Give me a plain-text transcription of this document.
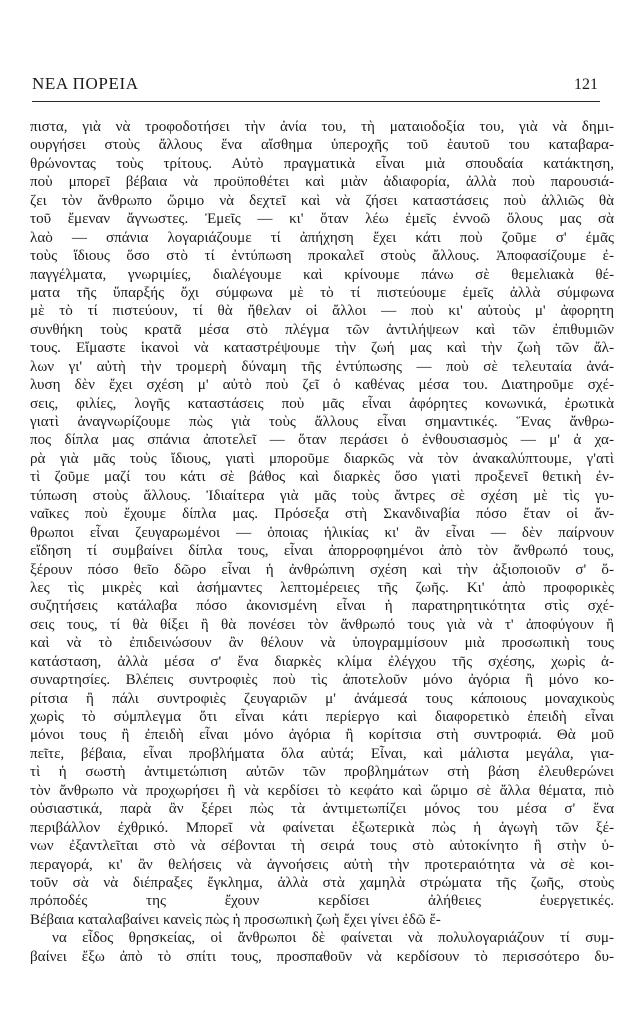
ΝΕΑ ΠΟΡΕΙΑ	121
πιστα, γιὰ νὰ τροφοδοτήσει τὴν ἀνία του, τὴ ματαιοδοξία του, γιὰ νὰ δημι-
ουργήσει στοὺς ἄλλους ἕνα αἴσθημα ὑπεροχῆς τοῦ ἑαυτοῦ του καταβαρα-
θρώνοντας τοὺς τρίτους. Αὐτὸ πραγματικὰ εἶναι μιὰ σπουδαία κατάκτηση,
ποὺ μπορεῖ βέβαια νὰ προϋποθέτει καὶ μιὰν ἀδιαφορία, ἀλλὰ ποὺ παρουσιά-
ζει τὸν ἄνθρωπο ὥριμο νὰ δεχτεῖ καὶ νὰ ζήσει καταστάσεις ποὺ ἀλλιῶς θὰ
τοῦ ἔμεναν ἄγνωστες. Ἐμεῖς — κι' ὅταν λέω ἐμεῖς ἐννοῶ ὅλους μας σὰ
λαὸ — σπάνια λογαριάζουμε τί ἀπήχηση ἔχει κάτι ποὺ ζοῦμε σ' ἐμᾶς
τοὺς ἴδιους ὅσο στὸ τί ἐντύπωση προκαλεῖ στοὺς ἄλλους. Ἀποφασίζουμε ἐ-
παγγέλματα, γνωριμίες, διαλέγουμε καὶ κρίνουμε πάνω σὲ θεμελιακὰ θέ-
ματα τῆς ὕπαρξής ὄχι σύμφωνα μὲ τὸ τί πιστεύουμε ἐμεῖς ἀλλὰ σύμφωνα
μὲ τὸ τί πιστεύουν, τί θὰ ἤθελαν οἱ ἄλλοι — ποὺ κι' αὐτοὺς μ' ἀφορητη
συνθήκη τοὺς κρατᾶ μέσα στὸ πλέγμα τῶν ἀντιλήψεων καὶ τῶν ἐπιθυμιῶν
τους. Εἴμαστε ἱκανοὶ νὰ καταστρέψουμε τὴν ζωή μας καὶ τὴν ζωὴ τῶν ἄλ-
λων γι' αὐτὴ τὴν τρομερὴ δύναμη τῆς ἐντύπωσης — ποὺ σὲ τελευταία ἀνά-
λυση δὲν ἔχει σχέση μ' αὐτὸ ποὺ ζεῖ ὁ καθένας μέσα του. Διατηροῦμε σχέ-
σεις, φιλίες, λογῆς καταστάσεις ποὺ μᾶς εἶναι ἀφόρητες κονωνικά, ἐρωτικὰ
γιατὶ ἀναγνωρίζουμε πὼς γιὰ τοὺς ἄλλους εἶναι σημαντικές. Ἕνας ἄνθρω-
πος δίπλα μας σπάνια ἀποτελεῖ — ὅταν περάσει ὁ ἐνθουσιασμὸς — μ' ἀ χα-
ρὰ γιὰ μᾶς τοὺς ἴδιους, γιατὶ μποροῦμε διαρκῶς νὰ τὸν ἀνακαλύπτουμε, γ'ατὶ
τὶ ζοῦμε μαζί του κάτι σὲ βάθος καὶ διαρκὲς ὅσο γιατὶ προξενεῖ θετικὴ ἐν-
τύπωση στοὺς ἄλλους. Ἰδιαίτερα γιὰ μᾶς τοὺς ἄντρες σὲ σχέση μὲ τὶς γυ-
ναῖκες ποὺ ἔχουμε δίπλα μας. Πρόσεξα στὴ Σκανδιναβία πόσο ἔταν οἱ ἄν-
θρωποι εἶναι ζευγαρωμένοι — ὁποιας ἡλικίας κι' ἂν εἶναι — δὲν παίρνουν
εἴδηση τί συμβαίνει δίπλα τους, εἶναι ἀπορροφημένοι ἀπὸ τὸν ἄνθρωπό τους,
ξέρουν πόσο θεῖο δῶρο εἶναι ἡ ἀνθρώπινη σχέση καὶ τὴν ἀξιοποιοῦν σ' ὅ-
λες τὶς μικρὲς καὶ ἀσήμαντες λεπτομέρειες τῆς ζωῆς. Κι' ἀπὸ προφορικὲς
συζητήσεις κατάλαβα πόσο ἀκονισμένη εἶναι ἡ παρατηρητικότητα στὶς σχέ-
σεις τους, τί θὰ θίξει ἢ θὰ πονέσει τὸν ἄνθρωπό τους γιὰ νὰ τ' ἀποφύγουν ἢ
καὶ νὰ τὸ ἐπιδεινώσουν ἂν θέλουν νὰ ὑπογραμμίσουν μιὰ προσωπικὴ τους
κατάσταση, ἀλλὰ μέσα σ' ἕνα διαρκὲς κλίμα ἐλέγχου τῆς σχέσης, χωρὶς ἀ-
συναρτησίες. Βλέπεις συντροφιὲς ποὺ τὶς ἀποτελοῦν μόνο ἀγόρια ἢ μόνο κο-
ρίτσια ἢ πάλι συντροφιὲς ζευγαριῶν μ' ἀνάμεσά τους κάποιους μοναχικοὺς
χωρὶς τὸ σύμπλεγμα ὅτι εἶναι κάτι περίεργο καὶ διαφορετικὸ ἐπειδὴ εἶναι
μόνοι τους ἢ ἐπειδὴ εἶναι μόνο ἀγόρια ἢ κορίτσια στὴ συντροφιά. Θὰ μοῦ
πεῖτε, βέβαια, εἶναι προβλήματα ὅλα αὐτά; Εἶναι, καὶ μάλιστα μεγάλα, για-
τὶ ἡ σωστὴ ἀντιμετώπιση αὐτῶν τῶν προβλημάτων στὴ βάση ἐλευθερώνει
τὸν ἄνθρωπο νὰ προχωρήσει ἢ νὰ κερδίσει τὸ κεφάτο καὶ ὥριμο σὲ ἄλλα θέματα, πιὸ
οὐσιαστικά, παρὰ ἂν ξέρει πὼς τὰ ἀντιμετωπίζει μόνος του μέσα σ' ἕνα
περιβάλλον ἐχθρικό. Μπορεῖ νὰ φαίνεται ἐξωτερικὰ πὼς ἡ ἀγωγὴ τῶν ξέ-
νων ἐξαντλεῖται στὸ νὰ σέβονται τὴ σειρά τους στὸ αὐτοκίνητο ἢ στὴν ὑ-
περαγορά, κι' ἂν θελήσεις νὰ ἀγνοήσεις αὐτὴ τὴν προτεραιότητα νὰ σὲ κοι-
τοῦν σὰ νὰ διέπραξες ἔγκλημα, ἀλλὰ στὰ χαμηλὰ στρώματα τῆς ζωῆς, στοὺς
πρόποδές της ἔχουν κερδίσει ἀλήθειες ἐυεργετικές.
Βέβαια καταλαβαίνει κανεὶς πὼς ἡ προσωπικὴ ζωὴ ἔχει γίνει ἐδῶ ἕ-
να εἶδος θρησκείας, οἱ ἄνθρωποι δὲ φαίνεται νὰ πολυλογαριάζουν τί συμ-
βαίνει ἔξω ἀπὸ τὸ σπίτι τους, προσπαθοῦν νὰ κερδίσουν τὸ περισσότερο δυ-
